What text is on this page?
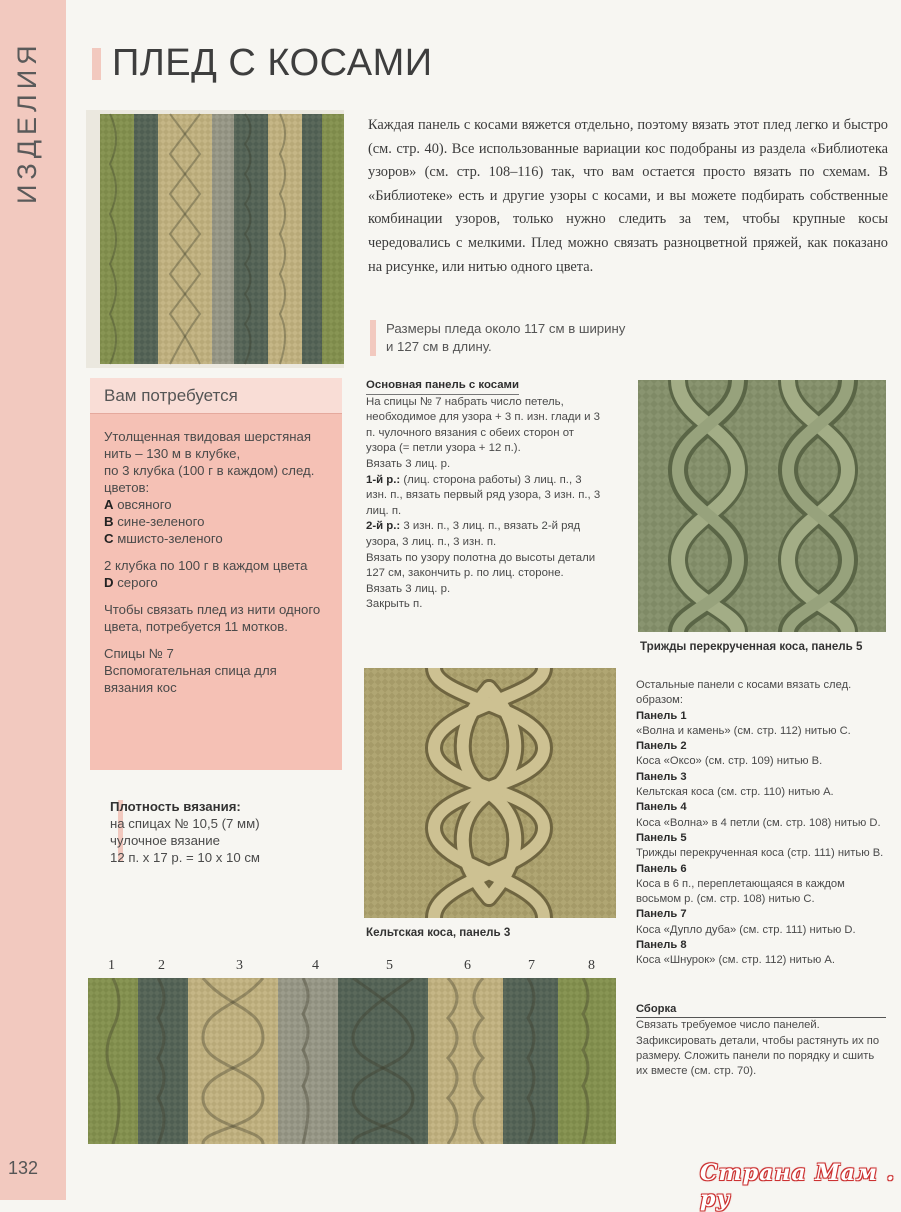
ИЗДЕЛИЯ
132
ПЛЕД С КОСАМИ
Каждая панель с косами вяжется отдельно, поэтому вязать этот плед легко и быстро (см. стр. 40). Все использованные вариации кос подобраны из раздела «Библиотека узоров» (см. стр. 108–116) так, что вам остается просто вязать по схемам. В «Библиотеке» есть и другие узоры с косами, и вы можете подбирать собственные комбинации узоров, только нужно следить за тем, чтобы крупные косы чередовались с мелкими. Плед можно связать разноцветной пряжей, как показано на рисунке, или нитью одного цвета.
Размеры пледа около 117 см в ширину
и 127 см в длину.
Вам потребуется

Утолщенная твидовая шерстяная
нить – 130 м в клубке,
по 3 клубка (100 г в каждом) след.
цветов:
A овсяного
B сине-зеленого
C мшисто-зеленого

2 клубка по 100 г в каждом цвета
D серого

Чтобы связать плед из нити одного
цвета, потребуется 11 мотков.

Спицы № 7
Вспомогательная спица для
вязания кос

Плотность вязания:
на спицах № 10,5 (7 мм)
чулочное вязание
12 п. x 17 р. = 10 x 10 см
Основная панель с косами

На спицы № 7 набрать число петель,
необходимое для узора + 3 п. изн. глади и 3
п. чулочного вязания с обеих сторон от
узора (= петли узора + 12 п.).

Вязать 3 лиц. р.

1-й р.: (лиц. сторона работы) 3 лиц. п., 3
изн. п., вязать первый ряд узора, 3 изн. п., 3
лиц. п.

2-й р.: 3 изн. п., 3 лиц. п., вязать 2-й ряд
узора, 3 лиц. п., 3 изн. п.

Вязать по узору полотна до высоты детали
127 см, закончить р. по лиц. стороне.

Вязать 3 лиц. р.

Закрыть п.

Трижды перекрученная коса, панель 5
Кельтская коса, панель 3

Остальные панели с косами вязать след.
образом:

Панель 1
«Волна и камень» (см. стр. 112) нитью C.

Панель 2
Коса «Оксо» (см. стр. 109) нитью B.

Панель 3
Кельтская коса (см. стр. 110) нитью A.

Панель 4
Коса «Волна» в 4 петли (см. стр. 108) нитью D.

Панель 5
Трижды перекрученная коса (стр. 111) нитью B.

Панель 6
Коса в 6 п., переплетающаяся в каждом восьмом р. (см. стр. 108) нитью C.

Панель 7
Коса «Дупло дуба» (см. стр. 111) нитью D.

Панель 8
Коса «Шнурок» (см. стр. 112) нитью A.

Сборка

Связать требуемое число панелей. Зафиксировать детали, чтобы растянуть их по размеру. Сложить панели по порядку и сшить их вместе (см. стр. 70).

1	2	3	4	5	6	7	8
Страна Мам . ру
